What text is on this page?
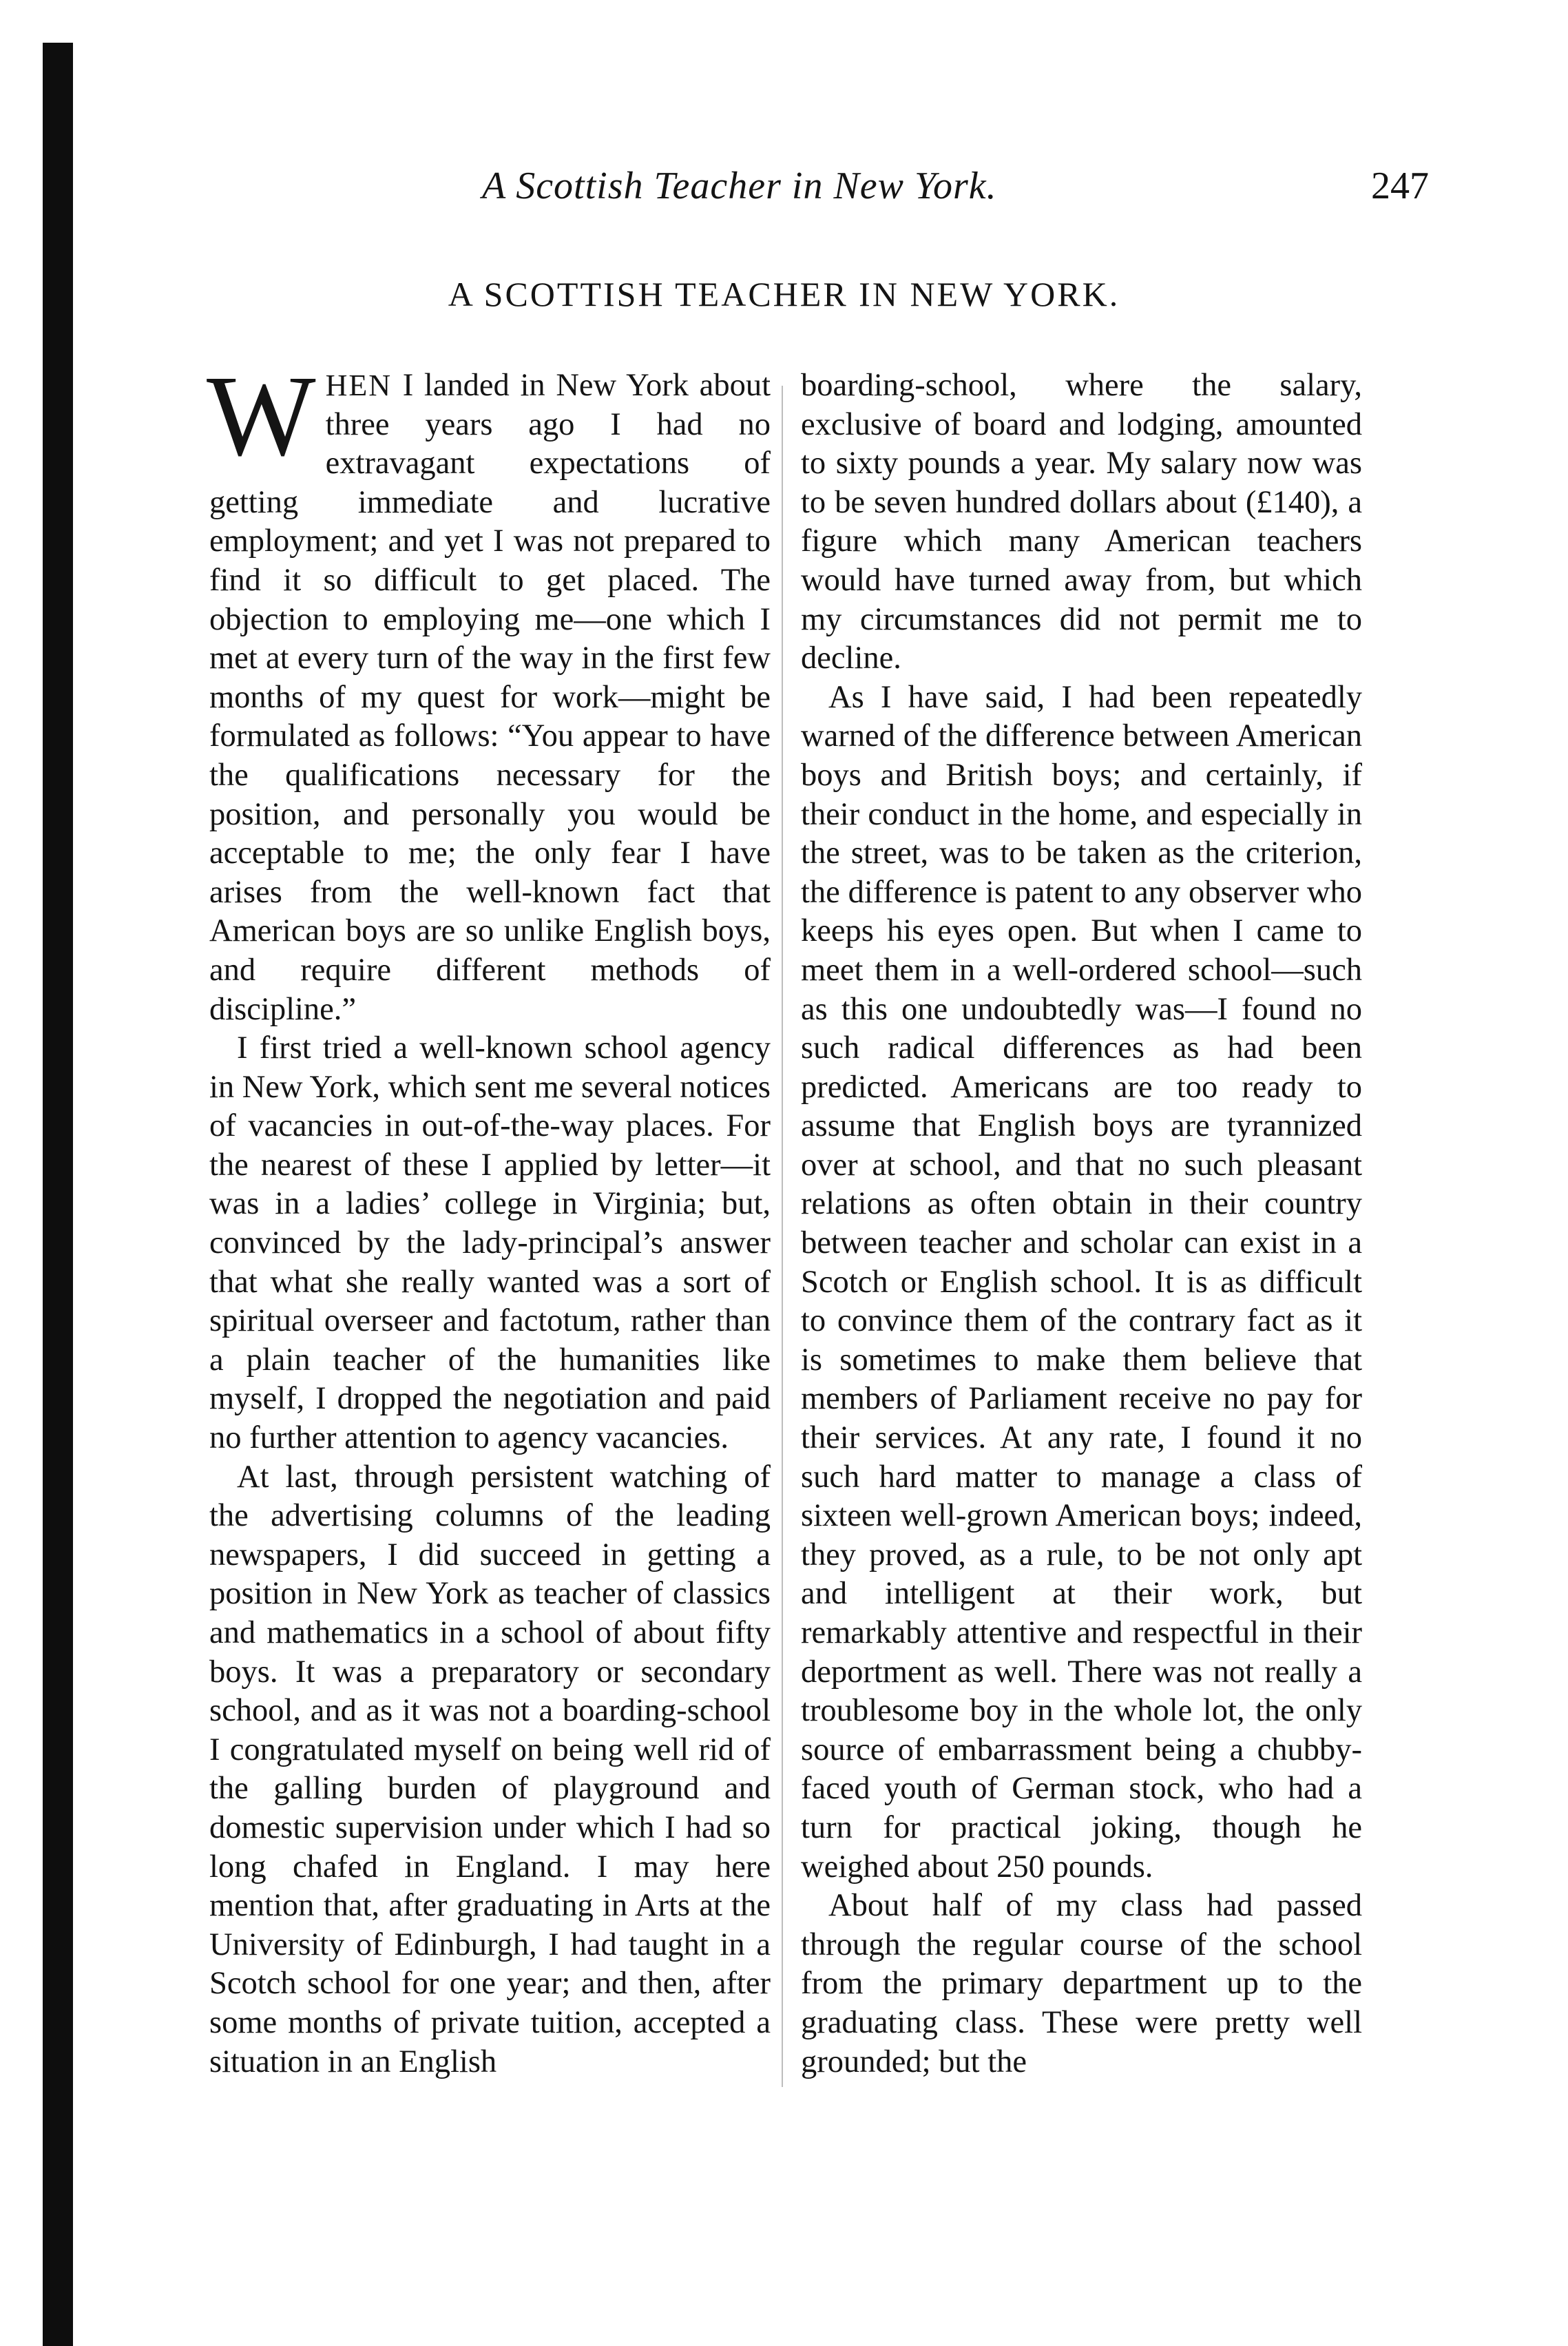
A Scottish Teacher in New York.	247
A SCOTTISH TEACHER IN NEW YORK.

WHEN I landed in New York about three years ago I had no extravagant expectations of getting immediate and lucrative employment; and yet I was not prepared to find it so difficult to get placed. The objection to employing me—one which I met at every turn of the way in the first few months of my quest for work—might be formulated as follows: “You appear to have the qualifications necessary for the position, and personally you would be acceptable to me; the only fear I have arises from the well-known fact that American boys are so unlike English boys, and require different methods of discipline.”

I first tried a well-known school agency in New York, which sent me several notices of vacancies in out-of-the-way places. For the nearest of these I applied by letter—it was in a ladies’ college in Virginia; but, convinced by the lady-principal’s answer that what she really wanted was a sort of spiritual overseer and factotum, rather than a plain teacher of the humanities like myself, I dropped the negotiation and paid no further attention to agency vacancies.

At last, through persistent watching of the advertising columns of the leading newspapers, I did succeed in getting a position in New York as teacher of classics and mathematics in a school of about fifty boys. It was a preparatory or secondary school, and as it was not a boarding-school I congratulated myself on being well rid of the galling burden of playground and domestic supervision under which I had so long chafed in England. I may here mention that, after graduating in Arts at the University of Edinburgh, I had taught in a Scotch school for one year; and then, after some months of private tuition, accepted a situation in an English

boarding-school, where the salary, exclusive of board and lodging, amounted to sixty pounds a year. My salary now was to be seven hundred dollars about (£140), a figure which many American teachers would have turned away from, but which my circumstances did not permit me to decline.

As I have said, I had been repeatedly warned of the difference between American boys and British boys; and certainly, if their conduct in the home, and especially in the street, was to be taken as the criterion, the difference is patent to any observer who keeps his eyes open. But when I came to meet them in a well-ordered school—such as this one undoubtedly was—I found no such radical differences as had been predicted. Americans are too ready to assume that English boys are tyrannized over at school, and that no such pleasant relations as often obtain in their country between teacher and scholar can exist in a Scotch or English school. It is as difficult to convince them of the contrary fact as it is sometimes to make them believe that members of Parliament receive no pay for their services. At any rate, I found it no such hard matter to manage a class of sixteen well-grown American boys; indeed, they proved, as a rule, to be not only apt and intelligent at their work, but remarkably attentive and respectful in their deportment as well. There was not really a troublesome boy in the whole lot, the only source of embarrassment being a chubby-faced youth of German stock, who had a turn for practical joking, though he weighed about 250 pounds.

About half of my class had passed through the regular course of the school from the primary department up to the graduating class. These were pretty well grounded; but the
